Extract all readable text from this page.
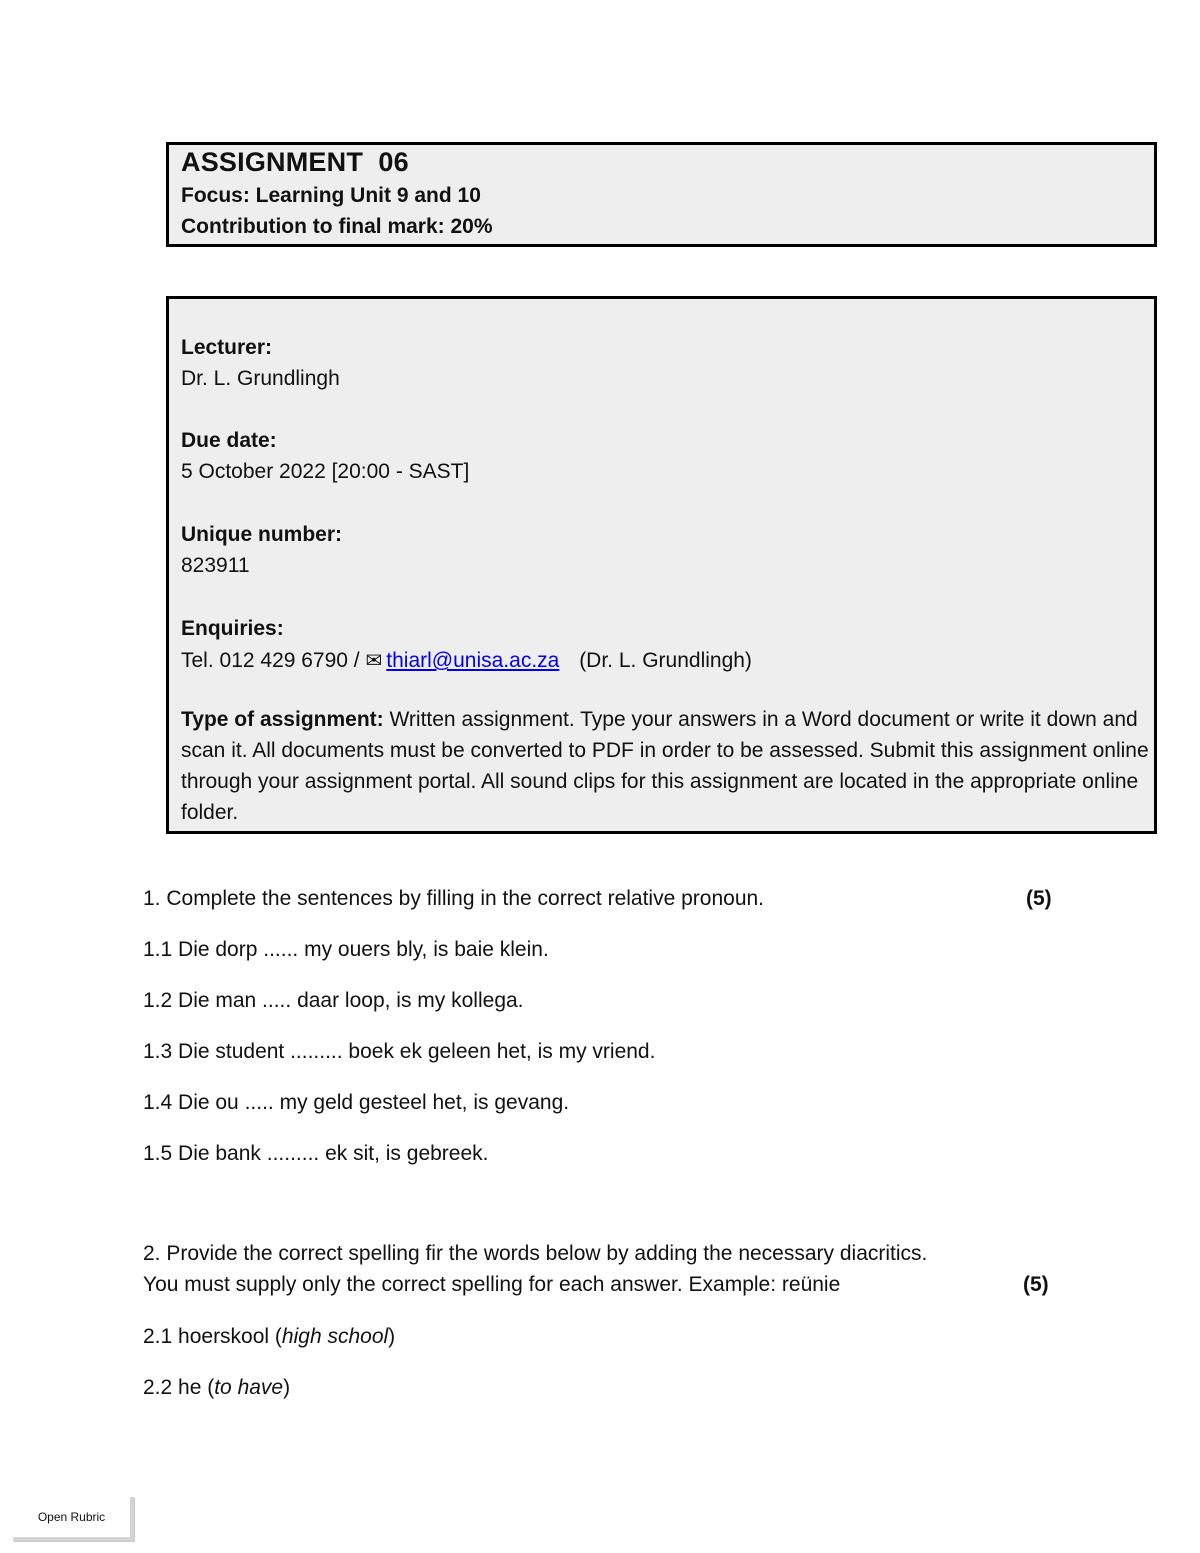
ASSIGNMENT  06
Focus: Learning Unit 9 and 10
Contribution to final mark: 20%
Lecturer:
Dr. L. Grundlingh
Due date:
5 October 2022 [20:00 - SAST]
Unique number:
823911
Enquiries:
Tel. 012 429 6790 / ✉ thiarl@unisa.ac.za (Dr. L. Grundlingh)
Type of assignment: Written assignment. Type your answers in a Word document or write it down and scan it. All documents must be converted to PDF in order to be assessed. Submit this assignment online through your assignment portal. All sound clips for this assignment are located in the appropriate online folder.
1. Complete the sentences by filling in the correct relative pronoun.	(5)
1.1 Die dorp ...... my ouers bly, is baie klein.
1.2 Die man ..... daar loop, is my kollega.
1.3 Die student ......... boek ek geleen het, is my vriend.
1.4 Die ou ..... my geld gesteel het, is gevang.
1.5 Die bank ......... ek sit, is gebreek.
2. Provide the correct spelling fir the words below by adding the necessary diacritics.
You must supply only the correct spelling for each answer. Example: reünie	(5)
2.1 hoerskool (high school)
2.2 he (to have)
Open Rubric
